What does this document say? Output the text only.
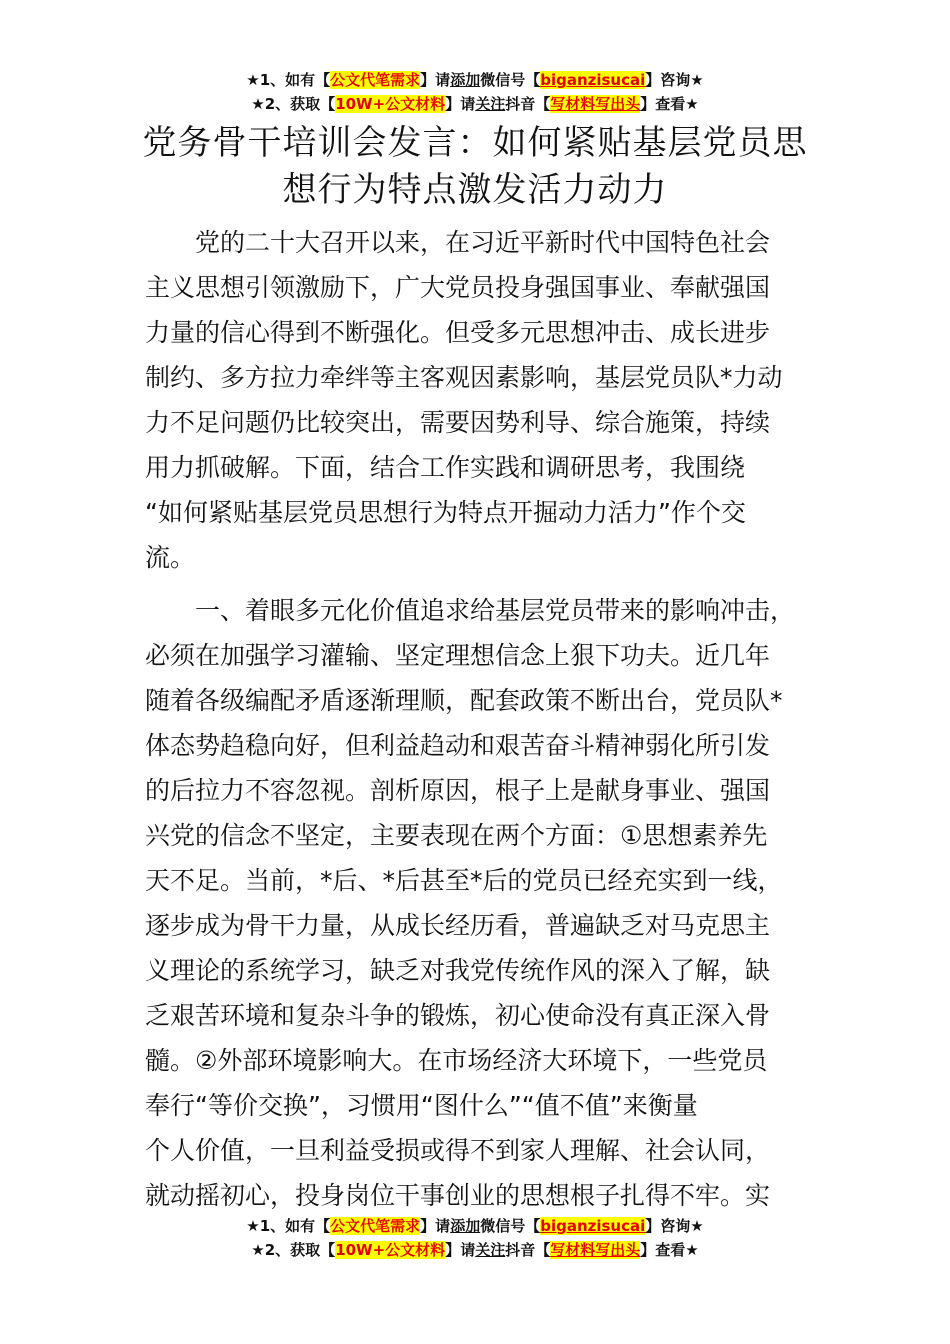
★1、如有【公文代笔需求】请添加微信号【biganzisucai】咨询★
★2、获取【10W+公文材料】请关注抖音【写材料写出头】查看★
党务骨干培训会发言：如何紧贴基层党员思
想行为特点激发活力动力
党的二十大召开以来，在习近平新时代中国特色社会
主义思想引领激励下，广大党员投身强国事业、奉献强国
力量的信心得到不断强化。但受多元思想冲击、成长进步
制约、多方拉力牵绊等主客观因素影响，基层党员队*力动
力不足问题仍比较突出，需要因势利导、综合施策，持续
用力抓破解。下面，结合工作实践和调研思考，我围绕
“如何紧贴基层党员思想行为特点开掘动力活力”作个交
流。
一、着眼多元化价值追求给基层党员带来的影响冲击，
必须在加强学习灌输、坚定理想信念上狠下功夫。近几年
随着各级编配矛盾逐渐理顺，配套政策不断出台，党员队*
体态势趋稳向好，但利益趋动和艰苦奋斗精神弱化所引发
的后拉力不容忽视。剖析原因，根子上是献身事业、强国
兴党的信念不坚定，主要表现在两个方面：①思想素养先
天不足。当前，*后、*后甚至*后的党员已经充实到一线，
逐步成为骨干力量，从成长经历看，普遍缺乏对马克思主
义理论的系统学习，缺乏对我党传统作风的深入了解，缺
乏艰苦环境和复杂斗争的锻炼，初心使命没有真正深入骨
髓。②外部环境影响大。在市场经济大环境下，一些党员
奉行“等价交换”，习惯用“图什么”“值不值”来衡量
个人价值，一旦利益受损或得不到家人理解、社会认同，
就动摇初心，投身岗位干事创业的思想根子扎得不牢。实
★1、如有【公文代笔需求】请添加微信号【biganzisucai】咨询★
★2、获取【10W+公文材料】请关注抖音【写材料写出头】查看★
